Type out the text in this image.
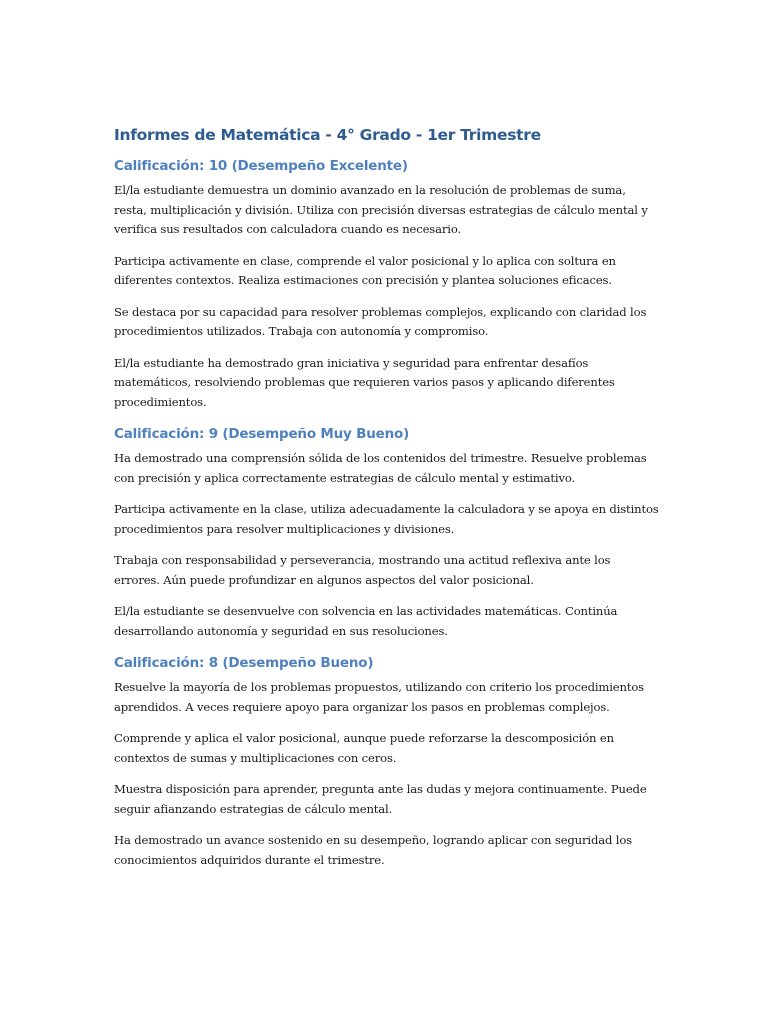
Informes de Matemática - 4° Grado - 1er Trimestre
Calificación: 10 (Desempeño Excelente)

El/la estudiante demuestra un dominio avanzado en la resolución de problemas de suma, resta, multiplicación y división. Utiliza con precisión diversas estrategias de cálculo mental y verifica sus resultados con calculadora cuando es necesario.

Participa activamente en clase, comprende el valor posicional y lo aplica con soltura en diferentes contextos. Realiza estimaciones con precisión y plantea soluciones eficaces.

Se destaca por su capacidad para resolver problemas complejos, explicando con claridad los procedimientos utilizados. Trabaja con autonomía y compromiso.

El/la estudiante ha demostrado gran iniciativa y seguridad para enfrentar desafíos matemáticos, resolviendo problemas que requieren varios pasos y aplicando diferentes procedimientos.

Calificación: 9 (Desempeño Muy Bueno)

Ha demostrado una comprensión sólida de los contenidos del trimestre. Resuelve problemas con precisión y aplica correctamente estrategias de cálculo mental y estimativo.

Participa activamente en la clase, utiliza adecuadamente la calculadora y se apoya en distintos procedimientos para resolver multiplicaciones y divisiones.

Trabaja con responsabilidad y perseverancia, mostrando una actitud reflexiva ante los errores. Aún puede profundizar en algunos aspectos del valor posicional.

El/la estudiante se desenvuelve con solvencia en las actividades matemáticas. Continúa desarrollando autonomía y seguridad en sus resoluciones.

Calificación: 8 (Desempeño Bueno)

Resuelve la mayoría de los problemas propuestos, utilizando con criterio los procedimientos aprendidos. A veces requiere apoyo para organizar los pasos en problemas complejos.

Comprende y aplica el valor posicional, aunque puede reforzarse la descomposición en contextos de sumas y multiplicaciones con ceros.

Muestra disposición para aprender, pregunta ante las dudas y mejora continuamente. Puede seguir afianzando estrategias de cálculo mental.

Ha demostrado un avance sostenido en su desempeño, logrando aplicar con seguridad los conocimientos adquiridos durante el trimestre.
